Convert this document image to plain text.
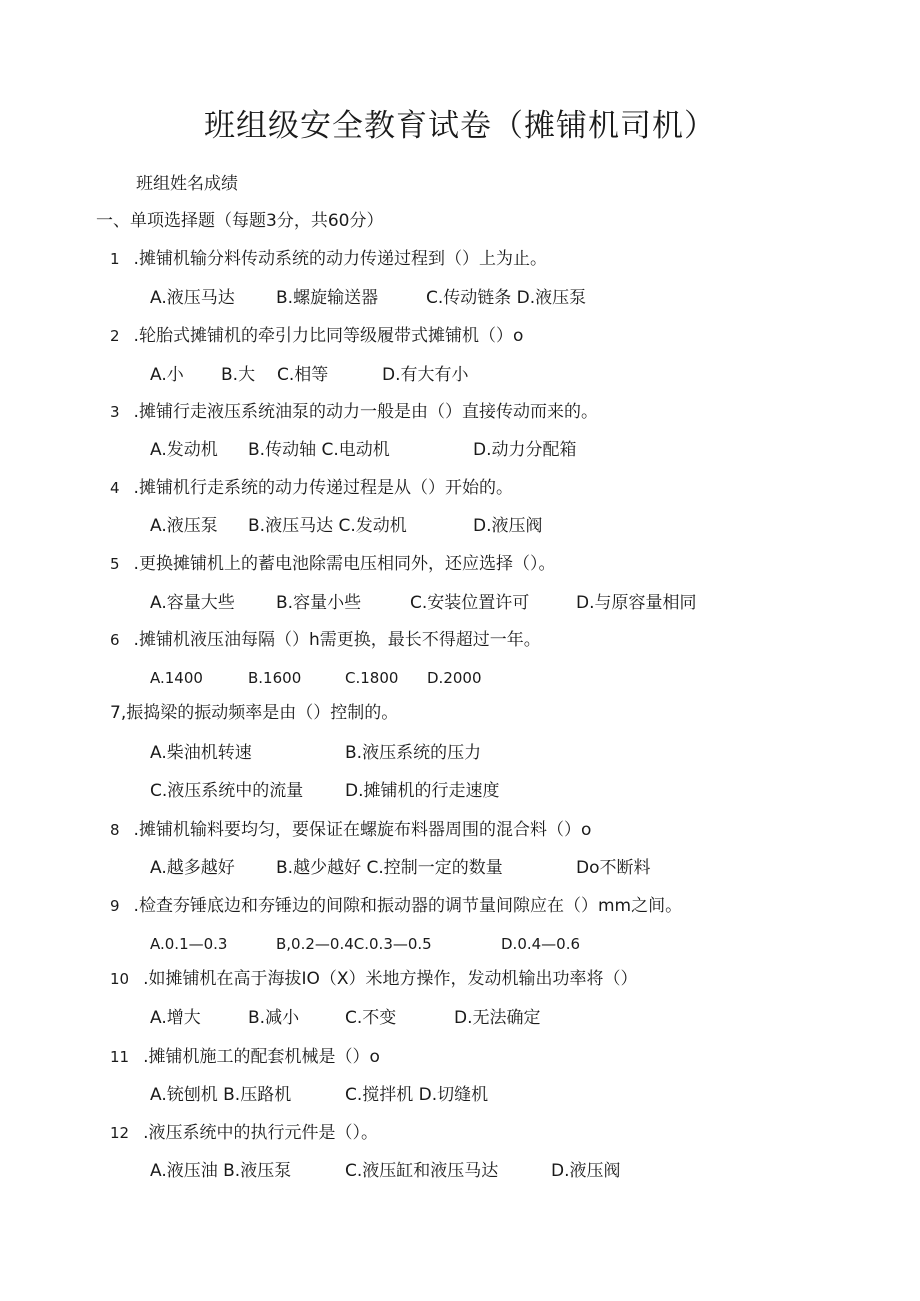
班组级安全教育试卷（摊铺机司机）
班组姓名成绩
一、单项选择题（每题3分，共60分）
1 .摊铺机输分料传动系统的动力传递过程到（）上为止。
A.液压马达 B.螺旋输送器	C.传动链条 D.液压泵
2 .轮胎式摊铺机的牵引力比同等级履带式摊铺机（）o
A.小 B.大 C.相等	D.有大有小
3 .摊铺行走液压系统油泵的动力一般是由（）直接传动而来的。
A.发动机 B.传动轴 C.电动机	D.动力分配箱
4 .摊铺机行走系统的动力传递过程是从（）开始的。
A.液压泵 B.液压马达 C.发动机	D.液压阀
5 .更换摊铺机上的蓄电池除需电压相同外，还应选择（）。
A.容量大些 B.容量小些	C.安装位置许可	D.与原容量相同
6 .摊铺机液压油每隔（）h需更换，最长不得超过一年。
A.1400	B.1600	C.1800 D.2000
7,振捣梁的振动频率是由（）控制的。
A.柴油机转速	B.液压系统的压力
C.液压系统中的流量 D.摊铺机的行走速度
8 .摊铺机输料要均匀，要保证在螺旋布料器周围的混合料（）o
A.越多越好 B.越少越好 C.控制一定的数量	Do不断料
9 .检查夯锤底边和夯锤边的间隙和振动器的调节量间隙应在（）mm之间。
A.0.1—0.3	B,0.2—0.4C.0.3—0.5	D.0.4—0.6
10 .如摊铺机在高于海拔IO（X）米地方操作，发动机输出功率将（）
A.增大	B.减小	C.不变	D.无法确定
11 .摊铺机施工的配套机械是（）o
A.铳刨机 B.压路机	C.搅拌机 D.切缝机
12 .液压系统中的执行元件是（）。
A.液压油 B.液压泵	C.液压缸和液压马达	D.液压阀
